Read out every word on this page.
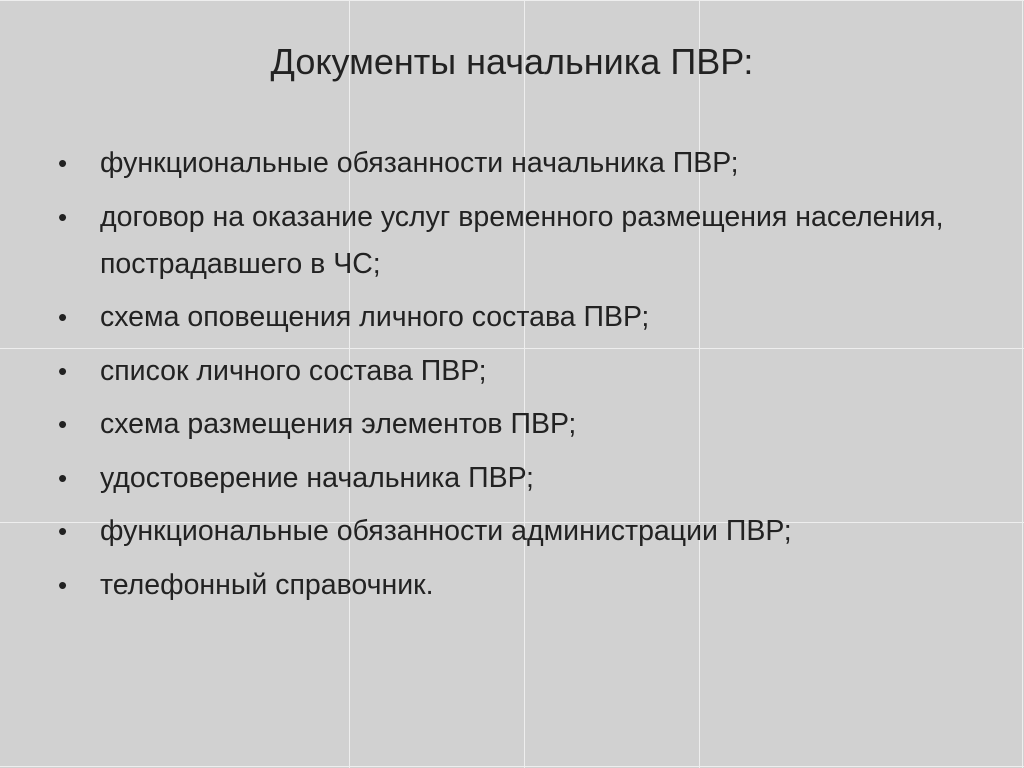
Документы начальника ПВР:
•	функциональные обязанности начальника ПВР;
•	договор на оказание услуг временного размещения населения, пострадавшего в ЧС;
•	схема оповещения личного состава ПВР;
•	список личного состава ПВР;
•	схема размещения элементов ПВР;
•	удостоверение начальника ПВР;
•	функциональные обязанности администрации ПВР;
•	телефонный справочник.
